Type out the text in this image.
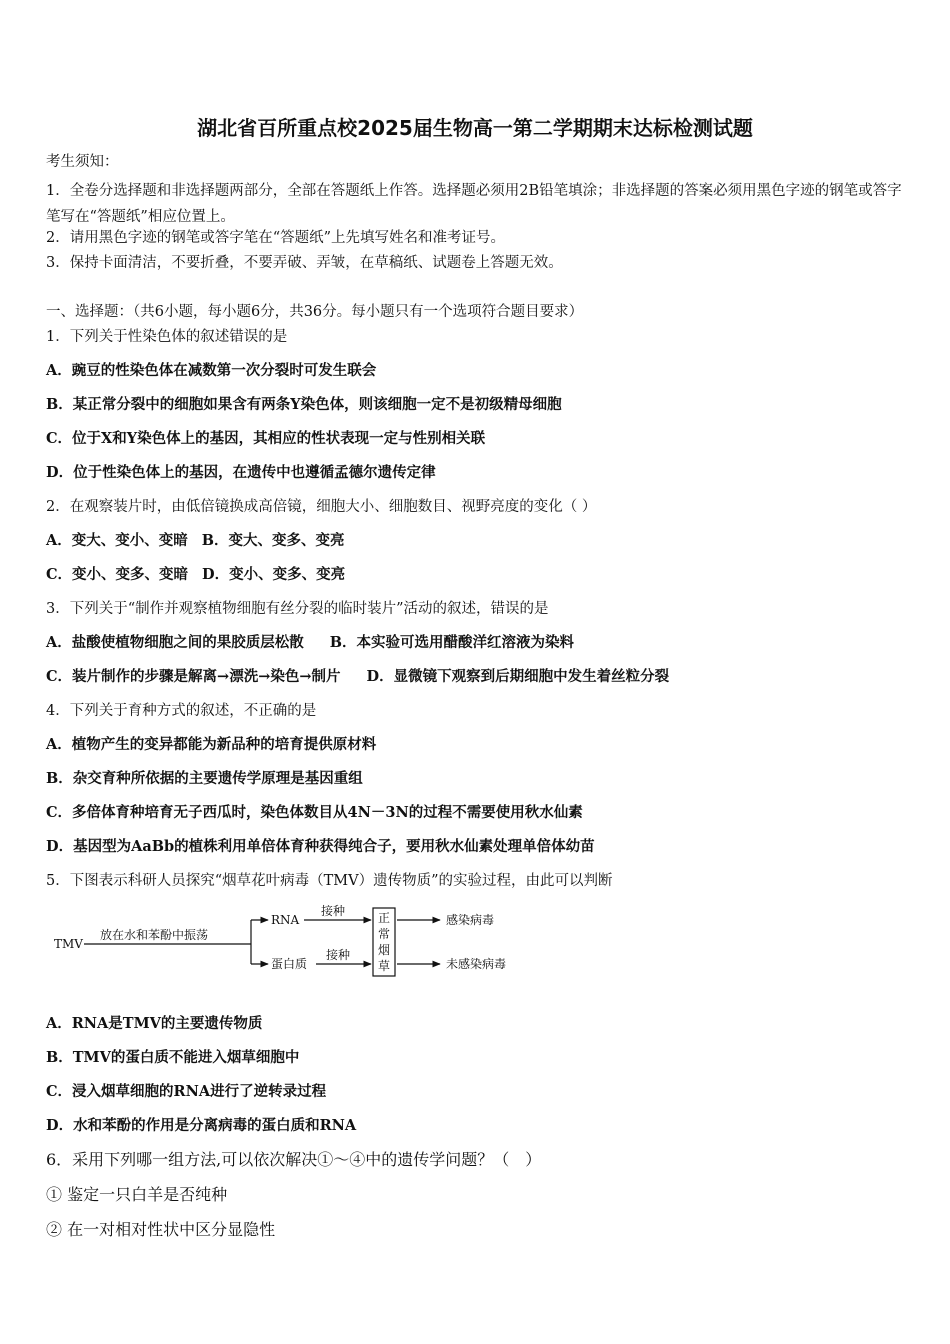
湖北省百所重点校2025届生物高一第二学期期末达标检测试题
考生须知：
1．全卷分选择题和非选择题两部分，全部在答题纸上作答。选择题必须用2B铅笔填涂；非选择题的答案必须用黑色字迹的钢笔或答字笔写在“答题纸”相应位置上。
2．请用黑色字迹的钢笔或答字笔在“答题纸”上先填写姓名和准考证号。
3．保持卡面清洁，不要折叠，不要弄破、弄皱，在草稿纸、试题卷上答题无效。
一、选择题：（共6小题，每小题6分，共36分。每小题只有一个选项符合题目要求）
1．下列关于性染色体的叙述错误的是
A．豌豆的性染色体在减数第一次分裂时可发生联会
B．某正常分裂中的细胞如果含有两条Y染色体，则该细胞一定不是初级精母细胞
C．位于X和Y染色体上的基因，其相应的性状表现一定与性别相关联
D．位于性染色体上的基因，在遗传中也遵循孟德尔遗传定律
2．在观察装片时，由低倍镜换成高倍镜，细胞大小、细胞数目、视野亮度的变化（ ）
A．变大、变小、变暗 B．变大、变多、变亮
C．变小、变多、变暗 D．变小、变多、变亮
3．下列关于“制作并观察植物细胞有丝分裂的临时装片”活动的叙述，错误的是
A．盐酸使植物细胞之间的果胶质层松散 B．本实验可选用醋酸洋红溶液为染料
C．装片制作的步骤是解离→漂洗→染色→制片 D．显微镜下观察到后期细胞中发生着丝粒分裂
4．下列关于育种方式的叙述，不正确的是
A．植物产生的变异都能为新品种的培育提供原材料
B．杂交育种所依据的主要遗传学原理是基因重组
C．多倍体育种培育无子西瓜时，染色体数目从4N－3N的过程不需要使用秋水仙素
D．基因型为AaBb的植株利用单倍体育种获得纯合子，要用秋水仙素处理单倍体幼苗
5．下图表示科研人员探究“烟草花叶病毒（TMV）遗传物质”的实验过程，由此可以判断
TMV
放在水和苯酚中振荡
RNA
蛋白质
接种
接种
正
常
烟
草
感染病毒
未感染病毒
A．RNA是TMV的主要遗传物质
B．TMV的蛋白质不能进入烟草细胞中
C．浸入烟草细胞的RNA进行了逆转录过程
D．水和苯酚的作用是分离病毒的蛋白质和RNA
6．采用下列哪一组方法,可以依次解决①～④中的遗传学问题？（　）
① 鉴定一只白羊是否纯种
② 在一对相对性状中区分显隐性
